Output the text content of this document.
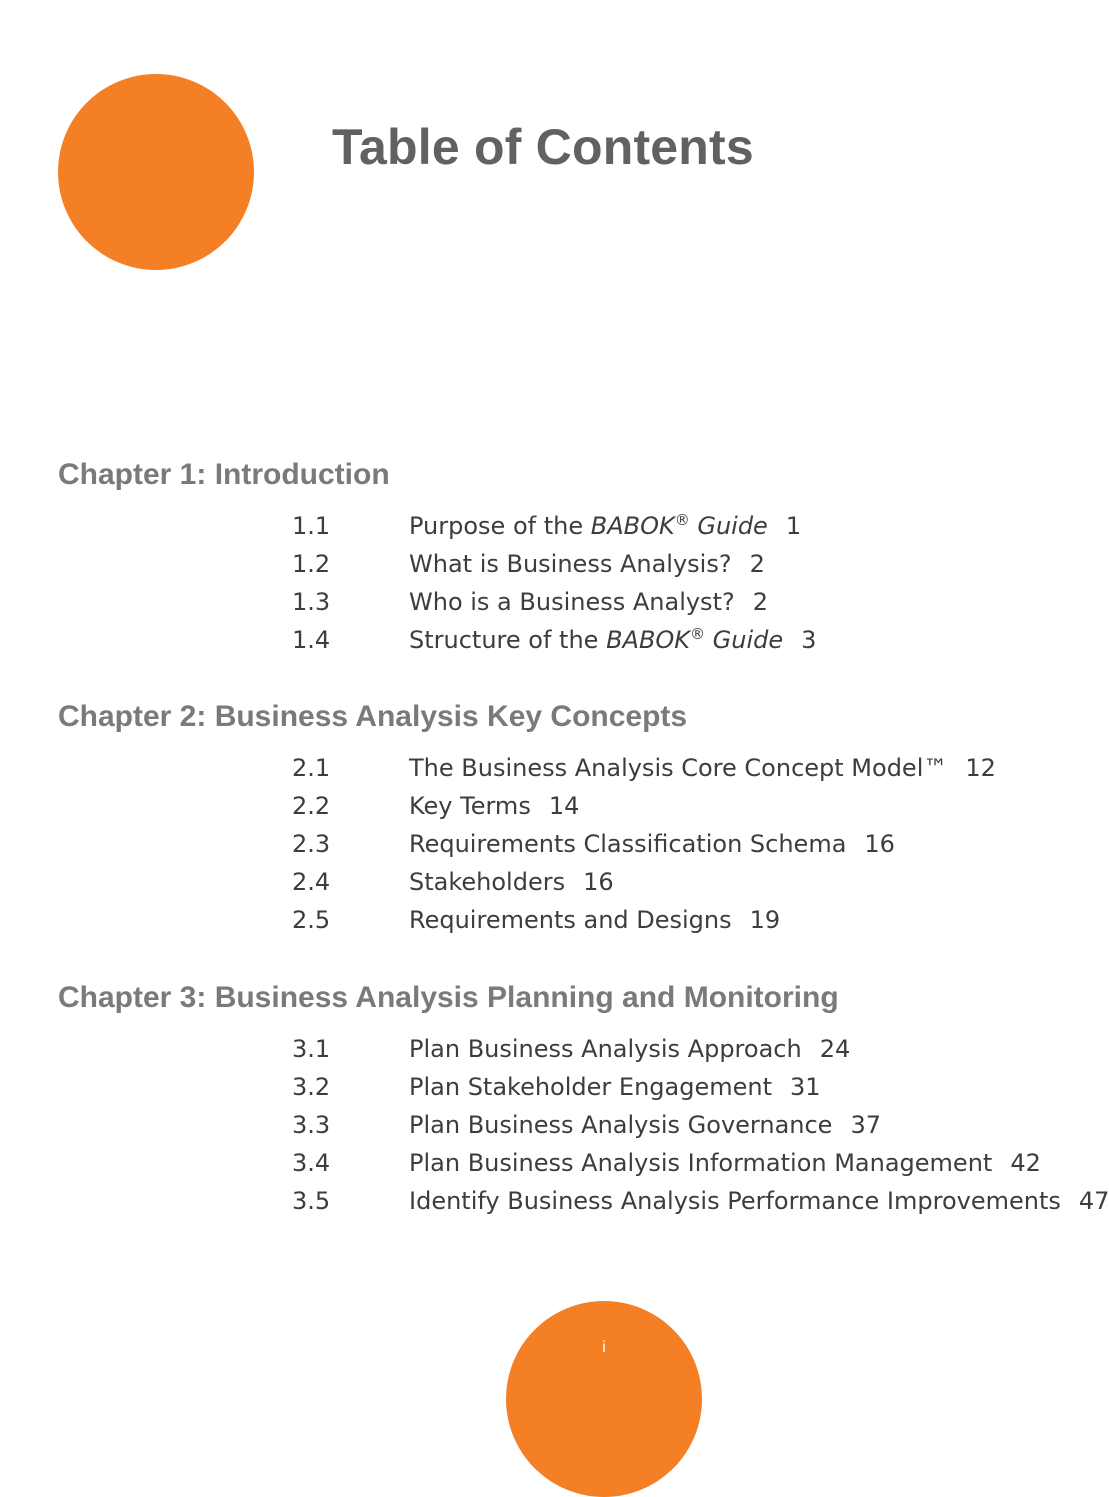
Table of Contents
Chapter 1: Introduction
1.1	Purpose of the BABOK® Guide 1
1.2	What is Business Analysis? 2
1.3	Who is a Business Analyst? 2
1.4	Structure of the BABOK® Guide 3
Chapter 2: Business Analysis Key Concepts
2.1	The Business Analysis Core Concept Model™ 12
2.2	Key Terms 14
2.3	Requirements Classification Schema 16
2.4	Stakeholders 16
2.5	Requirements and Designs 19
Chapter 3: Business Analysis Planning and Monitoring
3.1	Plan Business Analysis Approach 24
3.2	Plan Stakeholder Engagement 31
3.3	Plan Business Analysis Governance 37
3.4	Plan Business Analysis Information Management 42
3.5	Identify Business Analysis Performance Improvements 47
i
